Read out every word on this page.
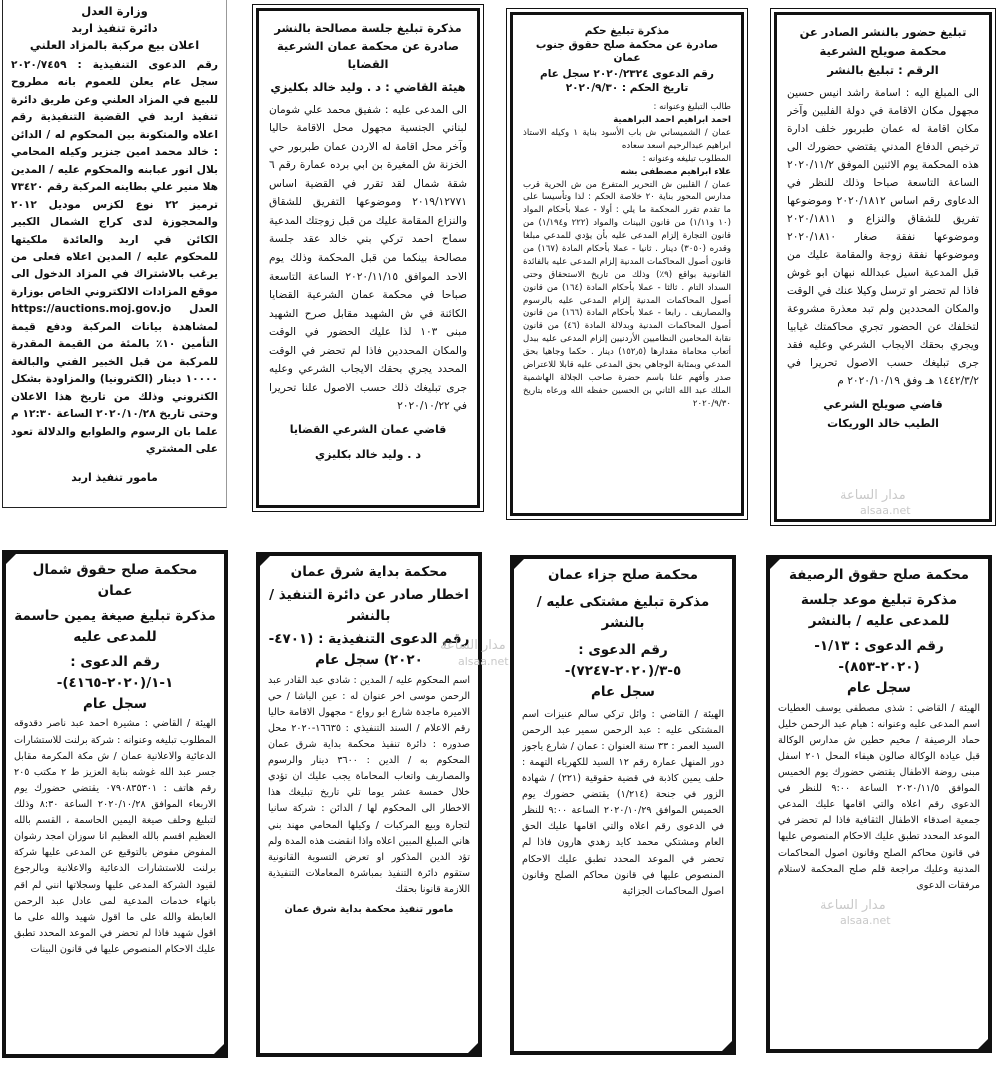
تبليغ حضور بالنشر الصادر عن
محكمة صويلح الشرعية
الرقم : تبليغ بالنشر

الى المبلغ اليه : اسامة راشد انيس حسين مجهول مكان الاقامة في دولة الفلبين وآخر مكان اقامة له عمان طبربور خلف ادارة ترخيص الدفاع المدني يقتضي حضورك الى هذه المحكمة يوم الاثنين الموفق ٢٠٢٠/١١/٢ الساعة التاسعة صباحا وذلك للنظر في الدعاوى رقم اساس ٢٠٢٠/١٨١٢ وموضوعها تفريق للشقاق والنزاع و ٢٠٢٠/١٨١١ وموضوعها نفقة صغار ٢٠٢٠/١٨١٠ وموضوعها نفقة زوجة والمقامة عليك من قبل المدعية اسيل عبدالله نبهان ابو غوش فاذا لم تحضر او ترسل وكيلا عنك في الوقت والمكان المحددين ولم تبد معذرة مشروعة لتخلفك عن الحضور تجري محاكمتك غيابيا ويجري بحقك الايجاب الشرعي وعليه فقد جرى تبليغك حسب الاصول تحريرا في ١٤٤٢/٣/٢ هـ وفق ٢٠٢٠/١٠/١٩ م

قاضي صويلح الشرعي

الطيب خالد الوريكات

مذكرة تبليغ حكم
صادرة عن محكمة صلح حقوق جنوب عمان
رقم الدعوى ٢٠٢٠/٢٣٢٤ سجل عام
تاريخ الحكم : ٢٠٢٠/٩/٣٠

طالب التبليغ وعنوانه :

احمد ابراهيم احمد البراهمية

عمان / الشميساني ش باب الأسود بناية ١ وكيله الاستاذ ابراهيم عبدالرحيم اسعد سعاده

المطلوب تبليغه وعنوانه :

علاء ابراهيم مصطفى بشه

عمان / القلبين ش التحرير المتفرع من ش الحرية قرب مدارس المحور بناية ٢٠ خلاصة الحكم : لذا وتأسيسا على ما تقدم تقرر المحكمة ما يلي : أولا - عملا بأحكام المواد (١٠ و١/١١) من قانون البينات والمواد (٢٢٢ و١/١٩٤) من قانون التجارة إلزام المدعى عليه بأن يؤدي للمدعي مبلغا وقدره (٣٠٥٠) دينار . ثانيا - عملا بأحكام المادة (١٦٧) من قانون أصول المحاكمات المدنية إلزام المدعى عليه بالفائدة القانونية بواقع (٩٪) وذلك من تاريخ الاستحقاق وحتى السداد التام . ثالثا - عملا بأحكام المادة (١٦٤) من قانون أصول المحاكمات المدنية إلزام المدعى عليه بالرسوم والمصاريف . رابعا - عملا بأحكام المادة (١٦٦) من قانون أصول المحاكمات المدنية وبدلالة المادة (٤٦) من قانون نقابة المحامين النظاميين الأردنيين إلزام المدعى عليه ببدل أتعاب محاماة مقدارها (١٥٢٫٥) دينار . حكما وجاهيا بحق المدعي وبمثابة الوجاهي بحق المدعى عليه قابلا للاعتراض صدر وأفهم علنا باسم حضرة صاحب الجلالة الهاشمية الملك عبد الله الثاني بن الحسين حفظه الله ورعاه بتاريخ ٢٠٢٠/٩/٣٠

مذكرة تبليغ جلسة مصالحة بالنشر
صادرة عن محكمة عمان الشرعية
القضايا
هيئة القاضي : د . وليد خالد بكليزي

الى المدعى عليه : شفيق محمد علي شومان لبناني الجنسية مجهول محل الاقامة حاليا وآخر محل اقامة له الاردن عمان طبربور حي الخزنة ش المغيرة بن ابي برده عمارة رقم ٦ شقة شمال لقد تقرر في القضية اساس ٢٠١٩/١٢٧٧١ وموضوعها التفريق للشقاق والنزاع المقامة عليك من قبل زوجتك المدعية سماح احمد تركي بني خالد عقد جلسة مصالحة بينكما من قبل المحكمة وذلك يوم الاحد الموافق ٢٠٢٠/١١/١٥ الساعة التاسعة صباحا في محكمة عمان الشرعية القضايا الكائنة في ش الشهيد مقابل صرح الشهيد مبنى ١٠٣ لذا عليك الحضور في الوقت والمكان المحددين فاذا لم تحضر في الوقت المحدد يجري بحقك الايجاب الشرعي وعليه جرى تبليغك ذلك حسب الاصول علنا تحريرا في ٢٠٢٠/١٠/٢٢

قاضي عمان الشرعي القضايا

د . وليد خالد بكليزي

وزارة العدل
دائرة تنفيذ اربد
اعلان بيع مركبة بالمزاد العلني

رقم الدعوى التنفيذية : ٢٠٢٠/٧٤٥٩ سجل عام يعلن للعموم بانه مطروح للبيع في المزاد العلني وعن طريق دائرة تنفيذ اربد في القضية التنفيذية رقم اعلاه والمتكونة بين المحكوم له / الدائن : خالد محمد امين جنزير وكيله المحامي بلال انور عبابنه والمحكوم عليه / المدين هلا منير علي بطاينه المركبة رقم ٧٣٤٢٠ ترميز ٢٢ نوع لكزس موديل ٢٠١٢ والمحجوزة لدى كراج الشمال الكبير الكائن في اربد والعائدة ملكيتها للمحكوم عليه / المدين اعلاه فعلى من يرغب بالاشتراك في المزاد الدخول الى موقع المزادات الالكتروني الخاص بوزارة العدل https://auctions.moj.gov.jo لمشاهدة بيانات المركبة ودفع قيمة التأمين ١٠٪ بالمئة من القيمة المقدرة للمركبة من قبل الخبير الفني والبالغة ١٠٠٠٠ دينار (الكترونيا) والمزاودة بشكل الكتروني وذلك من تاريخ هذا الاعلان وحتى تاريخ ٢٠٢٠/١٠/٢٨ الساعة ١٢:٣٠ م علما بان الرسوم والطوابع والدلالة تعود على المشتري

مامور تنفيذ اربد

محكمة صلح حقوق الرصيفة
مذكرة تبليغ موعد جلسة للمدعى عليه / بالنشر
رقم الدعوى : ١/١٣-(٢٠٢٠-٨٥٣)-
سجل عام

الهيئة / القاضي : شذى مصطفى يوسف العطيات اسم المدعى عليه وعنوانه : هيام عبد الرحمن خليل حماد الرصيفة / مخيم حطين ش مدارس الوكالة قبل عيادة الوكالة صالون هيفاء المحل ٢٠١ اسفل مبنى روضة الاطفال يقتضي حضورك يوم الخميس الموافق ٢٠٢٠/١١/٥ الساعة ٩:٠٠ للنظر في الدعوى رقم اعلاه والتي اقامها عليك المدعي جمعية اصدقاء الاطفال الثقافية فاذا لم تحضر في الموعد المحدد تطبق عليك الاحكام المنصوص عليها في قانون محاكم الصلح وقانون اصول المحاكمات المدنية وعليك مراجعة قلم صلح المحكمة لاستلام مرفقات الدعوى

محكمة صلح جزاء عمان
مذكرة تبليغ مشتكى عليه / بالنشر
رقم الدعوى : ٥-٣/(٢٠٢٠-٧٢٤٧)-
سجل عام

الهيئة / القاضي : وائل تركي سالم عنيزات اسم المشتكى عليه : عبد الرحمن سمير عبد الرحمن السيد العمر : ٣٣ سنة العنوان : عمان / شارع ياجوز دور المنهل عمارة رقم ١٢ السيد للكهرباء التهمة : حلف يمين كاذبة في قضية حقوقية (٢٢١) / شهادة الزور في جنحة (١/٢١٤) يقتضي حضورك يوم الخميس الموافق ٢٠٢٠/١٠/٢٩ الساعة ٩:٠٠ للنظر في الدعوى رقم اعلاه والتي اقامها عليك الحق العام ومشتكي محمد كايد زهدي هارون فاذا لم تحضر في الموعد المحدد تطبق عليك الاحكام المنصوص عليها في قانون محاكم الصلح وقانون اصول المحاكمات الجزائية

محكمة بداية شرق عمان
اخطار صادر عن دائرة التنفيذ / بالنشر
رقم الدعوى التنفيذية : (٤٧٠١-
٢٠٢٠) سجل عام

اسم المحكوم عليه / المدين : شادي عبد القادر عبد الرحمن موسى اخر عنوان له : عين الباشا / حي الاميرة ماجدة شارع ابو رواع - مجهول الاقامة حاليا رقم الاعلام / السند التنفيذي : ١٦٦٣٥-٢٠٢٠ محل صدوره : دائرة تنفيذ محكمة بداية شرق عمان المحكوم به / الدين : ٣٦٠٠ دينار والرسوم والمصاريف واتعاب المحاماة يجب عليك ان تؤدي خلال خمسة عشر يوما تلي تاريخ تبليغك هذا الاخطار الى المحكوم لها / الدائن : شركة سانيا لتجارة وبيع المركبات / وكيلها المحامي مهند بني هاني المبلغ المبين اعلاه واذا انقضت هذه المدة ولم تؤد الدين المذكور او تعرض التسوية القانونية ستقوم دائرة التنفيذ بمباشرة المعاملات التنفيذية اللازمة قانونا بحقك

مامور تنفيذ محكمة بداية شرق عمان

محكمة صلح حقوق شمال عمان
مذكرة تبليغ صيغة يمين حاسمة للمدعى عليه
رقم الدعوى : ١-١/(٢٠٢٠-٤١٦٥)-
سجل عام

الهيئة / القاضي : مشيرة احمد عبد ناصر دقدوقه المطلوب تبليغه وعنوانه : شركة برلنت للاستشارات الدعائية والاعلانية عمان / ش مكة المكرمة مقابل جسر عبد الله غوشه بناية العزيز ط ٢ مكتب ٢٠٥ رقم هاتف : ٠٧٩٠٨٣٥٣٠١ يقتضي حضورك يوم الاربعاء الموافق ٢٠٢٠/١٠/٢٨ الساعة ٨:٣٠ وذلك لتبليغ وحلف صيغة اليمين الحاسمة ، القسم بالله العظيم اقسم بالله العظيم انا سوزان امجد رشوان المفوض مفوض بالتوقيع عن المدعى عليها شركة برلنت للاستشارات الدعائية والاعلانية وبالرجوع لقيود الشركة المدعى عليها وسجلاتها انني لم اقم بانهاء خدمات المدعية لمى عادل عبد الرحمن العابطة والله على ما اقول شهيد والله على ما اقول شهيد فاذا لم تحضر في الموعد المحدد تطبق عليك الاحكام المنصوص عليها في قانون البينات

مدار الساعة
alsaa.net
مدار الساعة
alsaa.net
مدار الساعة
alsaa.net
